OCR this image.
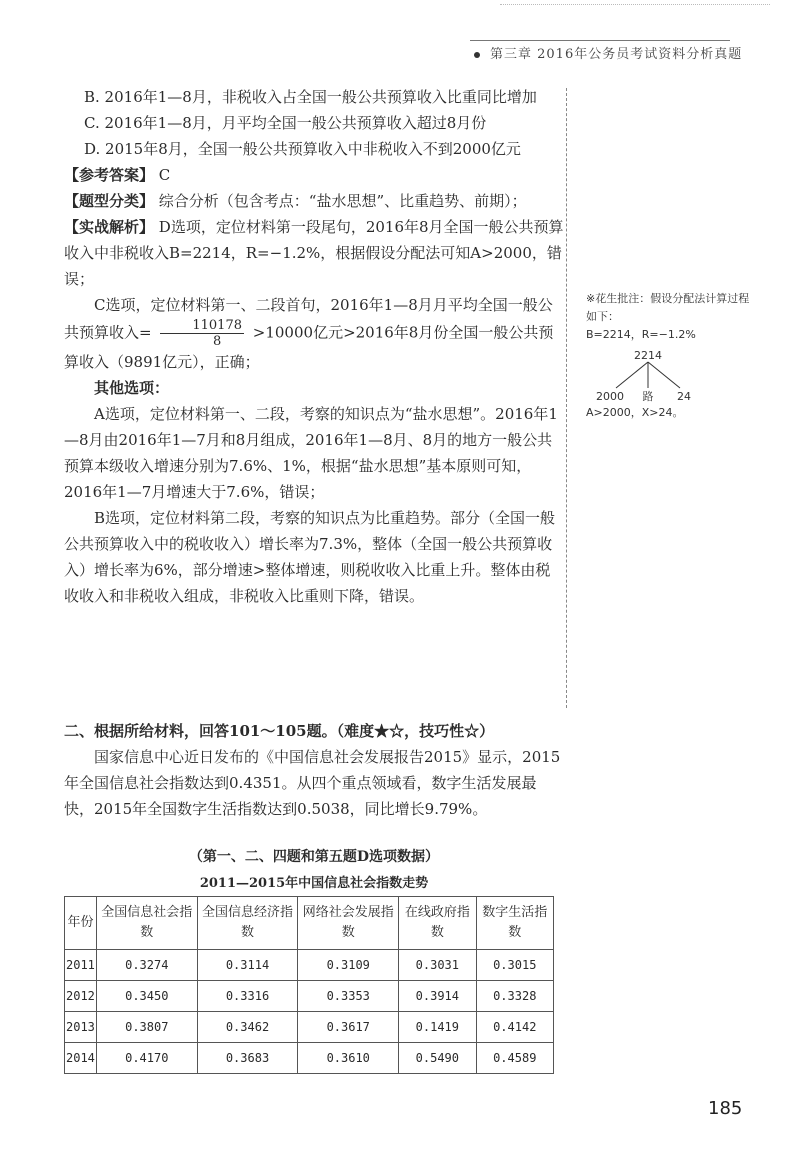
第三章 2016年公务员考试资料分析真题

B. 2016年1—8月，非税收入占全国一般公共预算收入比重同比增加

C. 2016年1—8月，月平均全国一般公共预算收入超过8月份

D. 2015年8月，全国一般公共预算收入中非税收入不到2000亿元

【参考答案】 C

【题型分类】 综合分析（包含考点：“盐水思想”、比重趋势、前期）；

【实战解析】 D选项，定位材料第一段尾句，2016年8月全国一般公共预算收入中非税收入B=2214，R=−1.2%，根据假设分配法可知A>2000，错误；

C选项，定位材料第一、二段首句，2016年1—8月月平均全国一般公共预算收入= $\frac{110178}{8} >10000$亿元>2016年8月份全国一般公共预算收入（9891亿元），正确；

其他选项：

A选项，定位材料第一、二段，考察的知识点为“盐水思想”。2016年1—8月由2016年1—7月和8月组成，2016年1—8月、8月的地方一般公共预算本级收入增速分别为7.6%、1%，根据“盐水思想”基本原则可知，2016年1—7月增速大于7.6%，错误；

B选项，定位材料第二段，考察的知识点为比重趋势。部分（全国一般公共预算收入中的税收收入）增长率为7.3%，整体（全国一般公共预算收入）增长率为6%，部分增速>整体增速，则税收收入比重上升。整体由税收收入和非税收入组成，非税收入比重则下降，错误。

※花生批注：假设分配法计算过程如下：
B=2214，R=−1.2%
2214
2000 路 24
A>2000，X>24。

二、根据所给材料，回答101～105题。（难度★☆，技巧性☆）

国家信息中心近日发布的《中国信息社会发展报告2015》显示，2015年全国信息社会指数达到0.4351。从四个重点领域看，数字生活发展最快，2015年全国数字生活指数达到0.5038，同比增长9.79%。

（第一、二、四题和第五题D选项数据）
2011—2015年中国信息社会指数走势
年份	全国信息社会指数	全国信息经济指数	网络社会发展指数	在线政府指数	数字生活指数
2011	0.3274	0.3114	0.3109	0.3031	0.3015
2012	0.3450	0.3316	0.3353	0.3914	0.3328
2013	0.3807	0.3462	0.3617	0.1419	0.4142
2014	0.4170	0.3683	0.3610	0.5490	0.4589
185
